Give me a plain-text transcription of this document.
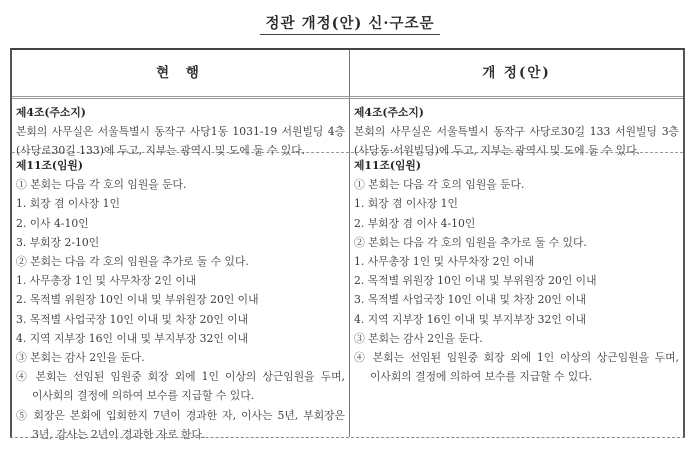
정관 개정(안) 신·구조문
현 행	개 정(안)
제4조(주소지)
본회의 사무실은 서울특별시 동작구 사당1동 1031-19 서원빌딩 4층
(사당로30길 133)에 두고, 지부는 광역시 및 도에 둘 수 있다.
제4조(주소지)
본회의 사무실은 서울특별시 동작구 사당로30길 133 서원빌딩 3층
(사당동·서원빌딩)에 두고, 지부는 광역시 및 도에 둘 수 있다.
제11조(임원)
① 본회는 다음 각 호의 임원을 둔다.
1. 회장 겸 이사장 1인
2. 이사 4-10인
3. 부회장 2-10인
② 본회는 다음 각 호의 임원을 추가로 둘 수 있다.
1. 사무총장 1인 및 사무차장 2인 이내
2. 목적별 위원장 10인 이내 및 부위원장 20인 이내
3. 목적별 사업국장 10인 이내 및 차장 20인 이내
4. 지역 지부장 16인 이내 및 부지부장 32인 이내
③ 본회는 감사 2인을 둔다.
④ 본회는 선임된 임원중 회장 외에 1인 이상의 상근임원을 두며,
이사회의 결정에 의하여 보수를 지급할 수 있다.
⑤ 회장은 본회에 입회한지 7년이 경과한 자, 이사는 5년, 부회장은
3년, 감사는 2년이 경과한 자로 한다.
제11조(임원)
① 본회는 다음 각 호의 임원을 둔다.
1. 회장 겸 이사장 1인
2. 부회장 겸 이사 4-10인
② 본회는 다음 각 호의 임원을 추가로 둘 수 있다.
1. 사무총장 1인 및 사무차장 2인 이내
2. 목적별 위원장 10인 이내 및 부위원장 20인 이내
3. 목적별 사업국장 10인 이내 및 차장 20인 이내
4. 지역 지부장 16인 이내 및 부지부장 32인 이내
③ 본회는 감사 2인을 둔다.
④ 본회는 선임된 임원중 회장 외에 1인 이상의 상근임원을 두며,
이사회의 결정에 의하여 보수를 지급할 수 있다.
